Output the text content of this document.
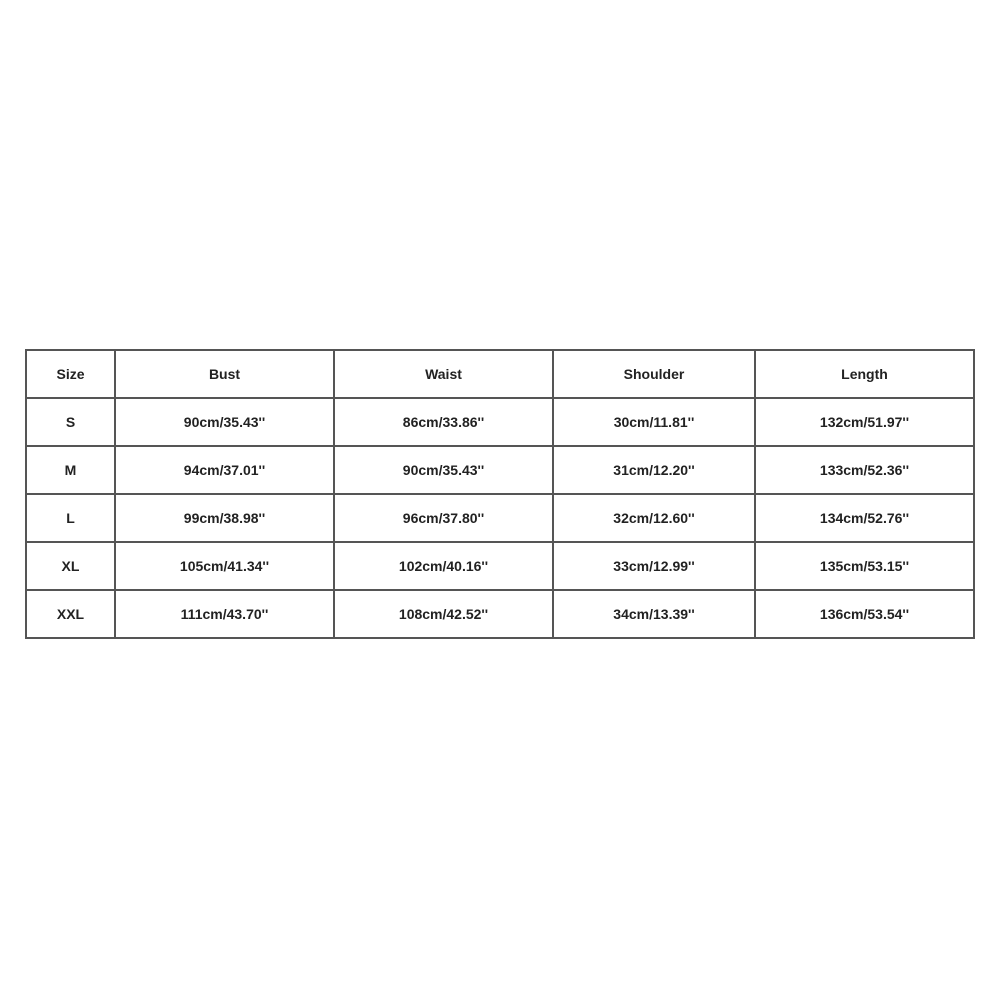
Size	Bust	Waist	Shoulder	Length
S	90cm/35.43''	86cm/33.86''	30cm/11.81''	132cm/51.97''
M	94cm/37.01''	90cm/35.43''	31cm/12.20''	133cm/52.36''
L	99cm/38.98''	96cm/37.80''	32cm/12.60''	134cm/52.76''
XL	105cm/41.34''	102cm/40.16''	33cm/12.99''	135cm/53.15''
XXL	111cm/43.70''	108cm/42.52''	34cm/13.39''	136cm/53.54''
